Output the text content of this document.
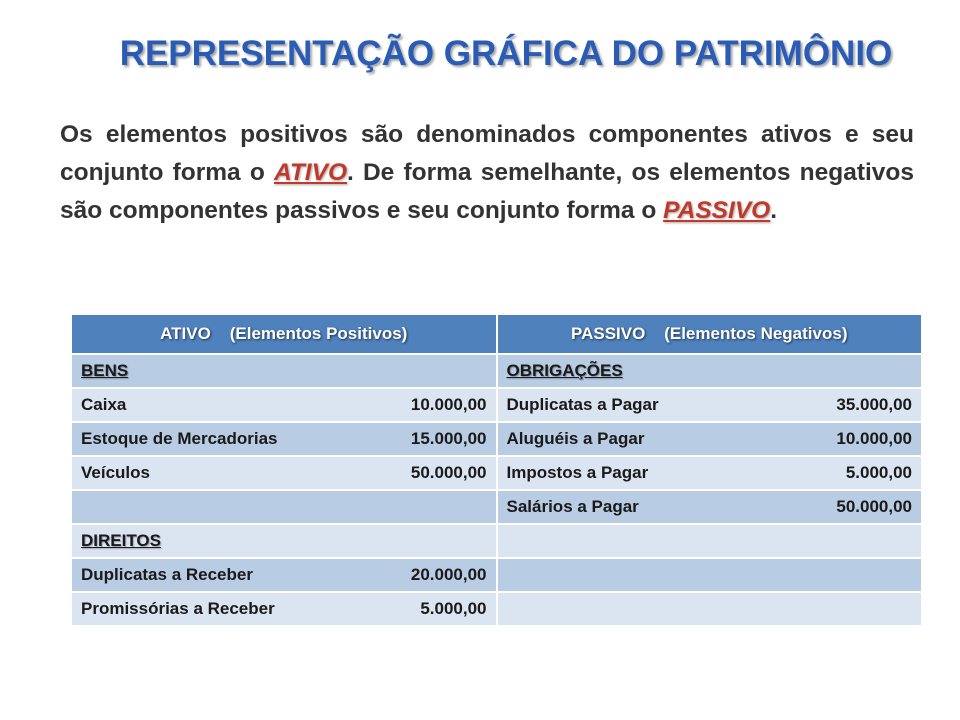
REPRESENTAÇÃO GRÁFICA DO PATRIMÔNIO
Os elementos positivos são denominados componentes ativos e seu conjunto forma o ATIVO. De forma semelhante, os elementos negativos são componentes passivos e seu conjunto forma o PASSIVO.
ATIVO    (Elementos Positivos)	PASSIVO    (Elementos Negativos)

BENS	OBRIGAÇÕES

Caixa 10.000,00	Duplicatas a Pagar 35.000,00

Estoque de Mercadorias 15.000,00	Aluguéis a Pagar 10.000,00

Veículos 50.000,00	Impostos a Pagar 5.000,00

	Salários a Pagar 50.000,00

DIREITOS	

Duplicatas a Receber 20.000,00	

Promissórias a Receber 5.000,00	
